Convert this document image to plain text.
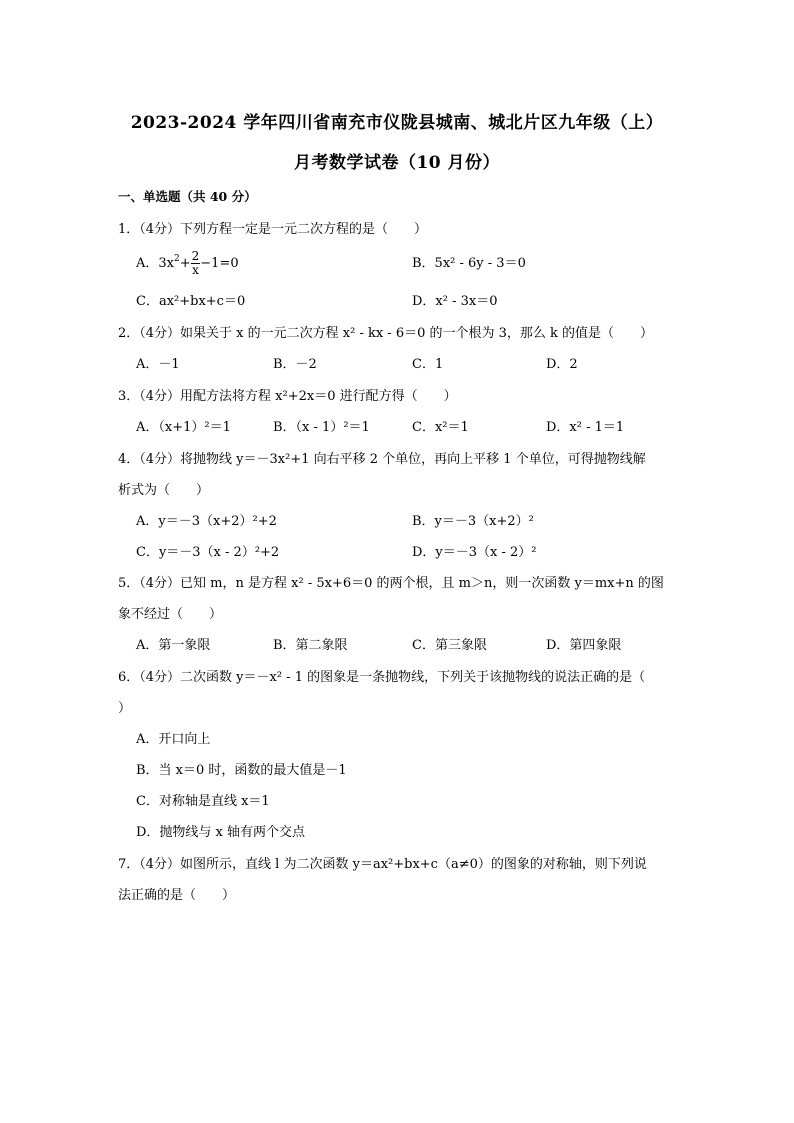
2023-2024 学年四川省南充市仪陇县城南、城北片区九年级（上）
月考数学试卷（10 月份）
一、单选题（共 40 分）
1．（4分）下列方程一定是一元二次方程的是（　　）
A．$3x^2+ \frac{2}{x} -1=0$	B．5x² - 6y - 3＝0
C．ax²+bx+c＝0	D．x² - 3x＝0
2．（4分）如果关于 x 的一元二次方程 x² - kx - 6＝0 的一个根为 3，那么 k 的值是（　　）
A．－1	B．－2	C．1	D．2
3．（4分）用配方法将方程 x²+2x＝0 进行配方得（　　）
A．（x+1）²＝1	B．（x - 1）²＝1	C．x²＝1	D．x² - 1＝1
4．（4分）将抛物线 y＝－3x²+1 向右平移 2 个单位，再向上平移 1 个单位，可得抛物线解
析式为（　　）
A．y＝－3（x+2）²+2	B．y＝－3（x+2）²
C．y＝－3（x - 2）²+2	D．y＝－3（x - 2）²
5．（4分）已知 m，n 是方程 x² - 5x+6＝0 的两个根，且 m＞n，则一次函数 y＝mx+n 的图
象不经过（　　）
A．第一象限	B．第二象限	C．第三象限	D．第四象限
6．（4分）二次函数 y＝－x² - 1 的图象是一条抛物线，下列关于该抛物线的说法正确的是（
）
A．开口向上
B．当 x＝0 时，函数的最大值是－1
C．对称轴是直线 x＝1
D．抛物线与 x 轴有两个交点
7．（4分）如图所示，直线 l 为二次函数 y＝ax²+bx+c（a≠0）的图象的对称轴，则下列说
法正确的是（　　）
